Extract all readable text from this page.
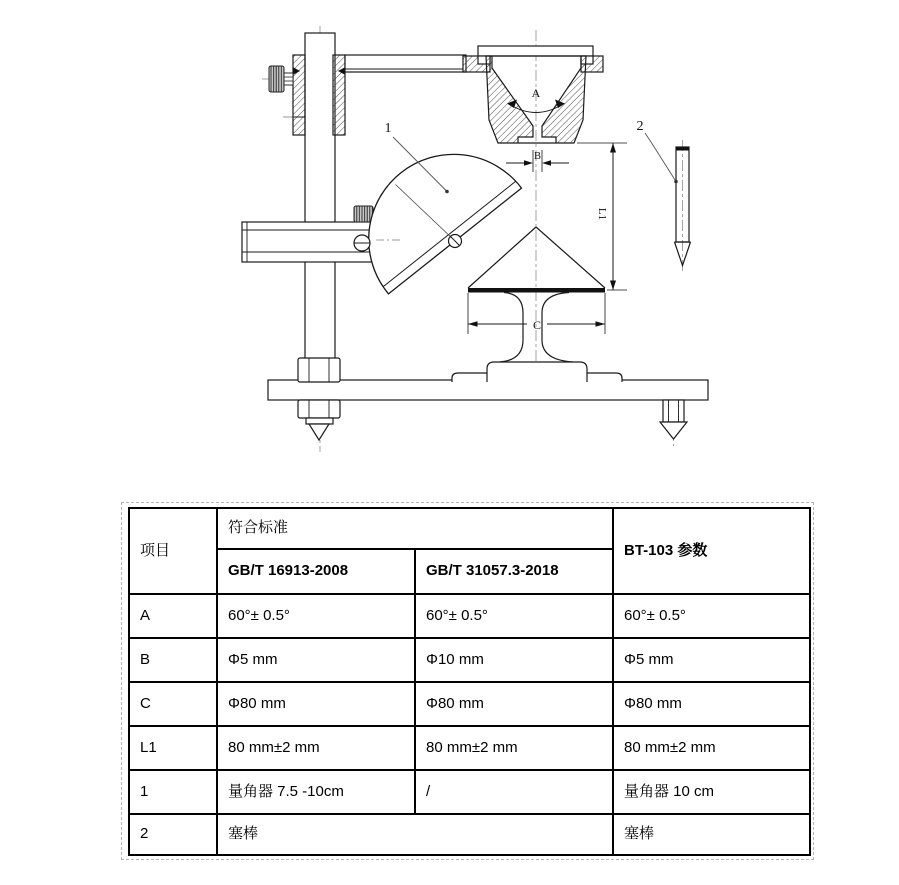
A
B
C
L1
1	2
项目	符合标准		BT-103 参数
	GB/T 16913-2008	GB/T 31057.3-2018	
A	60°± 0.5°	60°± 0.5°	60°± 0.5°
B	Φ5 mm	Φ10 mm	Φ5 mm
C	Φ80 mm	Φ80 mm	Φ80 mm
L1	80 mm±2 mm	80 mm±2 mm	80 mm±2 mm
1	量角器 7.5 -10cm	/	量角器 10 cm
2	塞棒		塞棒
